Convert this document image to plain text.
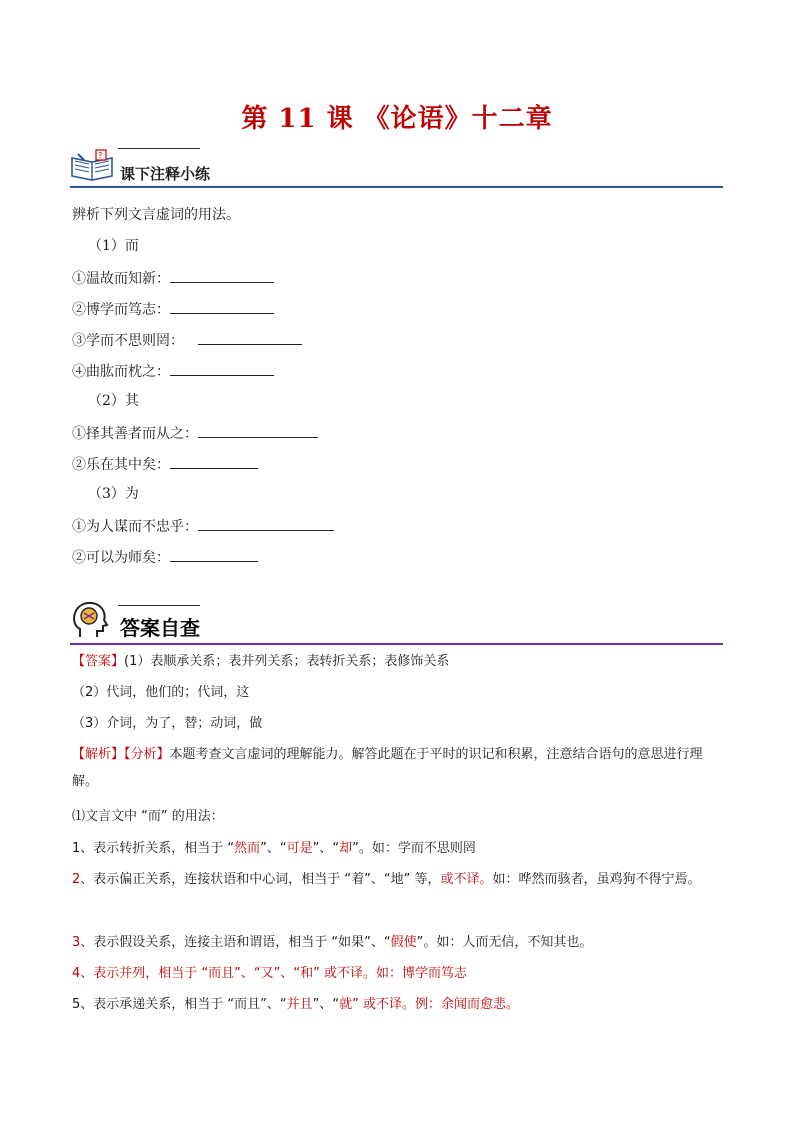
第 11 课 《论语》十二章
?
课下注释小练
辨析下列文言虚词的用法。
（1）而
①温故而知新：
②博学而笃志：
③学而不思则罔：
④曲肱而枕之：
（2）其
①择其善者而从之：
②乐在其中矣：
（3）为
①为人谋而不忠乎：
②可以为师矣：
答案自查
【答案】(1）表顺承关系；表并列关系；表转折关系；表修饰关系
（2）代词，他们的；代词，这
（3）介词，为了，替；动词，做
【解析】【分析】本题考查文言虚词的理解能力。解答此题在于平时的识记和积累，注意结合语句的意思进行理解。
⑴文言文中 “而” 的用法：
1、表示转折关系，相当于 “然而”、“可是”、“却”。如：学而不思则罔
2、表示偏正关系，连接状语和中心词，相当于 “着”、“地” 等，或不译。如：哗然而骇者，虽鸡狗不得宁焉。
3、表示假设关系，连接主语和谓语，相当于 “如果”、“假使”。如：人而无信，不知其也。
4、表示并列，相当于 “而且”、“又”、“和” 或不译。如：博学而笃志
5、表示承递关系，相当于 “而且”、“并且”、“就” 或不译。例：余闻而愈悲。
